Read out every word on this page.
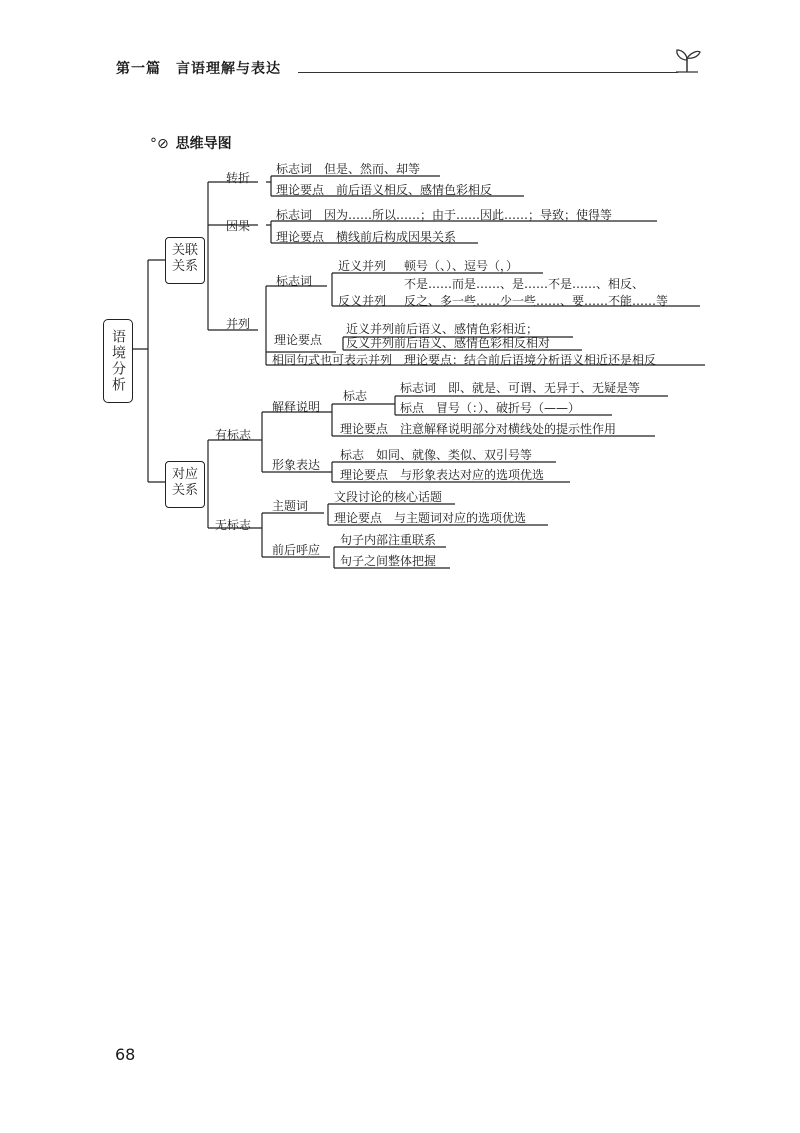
第一篇　言语理解与表达
°⊘ 思维导图
语境分析
关联
关系
对应
关系
转折
标志词　但是、然而、却等
理论要点　前后语义相反、感情色彩相反
因果
标志词　因为……所以……；由于……因此……；导致；使得等
理论要点　横线前后构成因果关系
并列
标志词
近义并列 顿号（、）、逗号（，）
不是……而是……、是……不是……、相反、
反义并列 反之、多一些……少一些……、要……不能……等
理论要点
近义并列前后语义、感情色彩相近；
反义并列前后语义、感情色彩相反相对
相同句式也可表示并列　理论要点：结合前后语境分析语义相近还是相反
有标志
解释说明
标志
标志词　即、就是、可谓、无异于、无疑是等
标点　冒号（：）、破折号（——）
理论要点　注意解释说明部分对横线处的提示性作用
形象表达
标志　如同、就像、类似、双引号等
理论要点　与形象表达对应的选项优选
无标志
主题词
文段讨论的核心话题
理论要点　与主题词对应的选项优选
前后呼应
句子内部注重联系
句子之间整体把握
68
